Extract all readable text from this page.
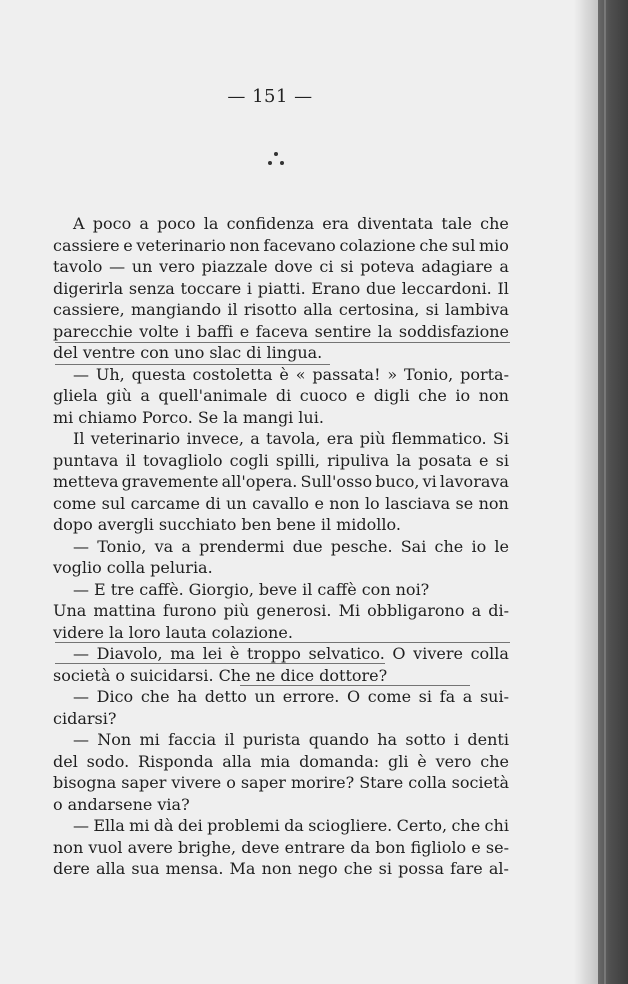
— 151 —
A poco a poco la confidenza era diventata tale che
cassiere e veterinario non facevano colazione che sul mio
tavolo — un vero piazzale dove ci si poteva adagiare a
digerirla senza toccare i piatti. Erano due leccardoni. Il
cassiere, mangiando il risotto alla certosina, si lambiva
parecchie volte i baffi e faceva sentire la soddisfazione
del ventre con uno slac di lingua.
— Uh, questa costoletta è « passata! » Tonio, porta-
gliela giù a quell'animale di cuoco e digli che io non
mi chiamo Porco. Se la mangi lui.
Il veterinario invece, a tavola, era più flemmatico. Si
puntava il tovagliolo cogli spilli, ripuliva la posata e si
metteva gravemente all'opera. Sull'osso buco, vi lavorava
come sul carcame di un cavallo e non lo lasciava se non
dopo avergli succhiato ben bene il midollo.
— Tonio, va a prendermi due pesche. Sai che io le
voglio colla peluria.
— E tre caffè. Giorgio, beve il caffè con noi?
Una mattina furono più generosi. Mi obbligarono a di-
videre la loro lauta colazione.
— Diavolo, ma lei è troppo selvatico. O vivere colla
società o suicidarsi. Che ne dice dottore?
— Dico che ha detto un errore. O come si fa a sui-
cidarsi?
— Non mi faccia il purista quando ha sotto i denti
del sodo. Risponda alla mia domanda: gli è vero che
bisogna saper vivere o saper morire? Stare colla società
o andarsene via?
— Ella mi dà dei problemi da sciogliere. Certo, che chi
non vuol avere brighe, deve entrare da bon figliolo e se-
dere alla sua mensa. Ma non nego che si possa fare al-
